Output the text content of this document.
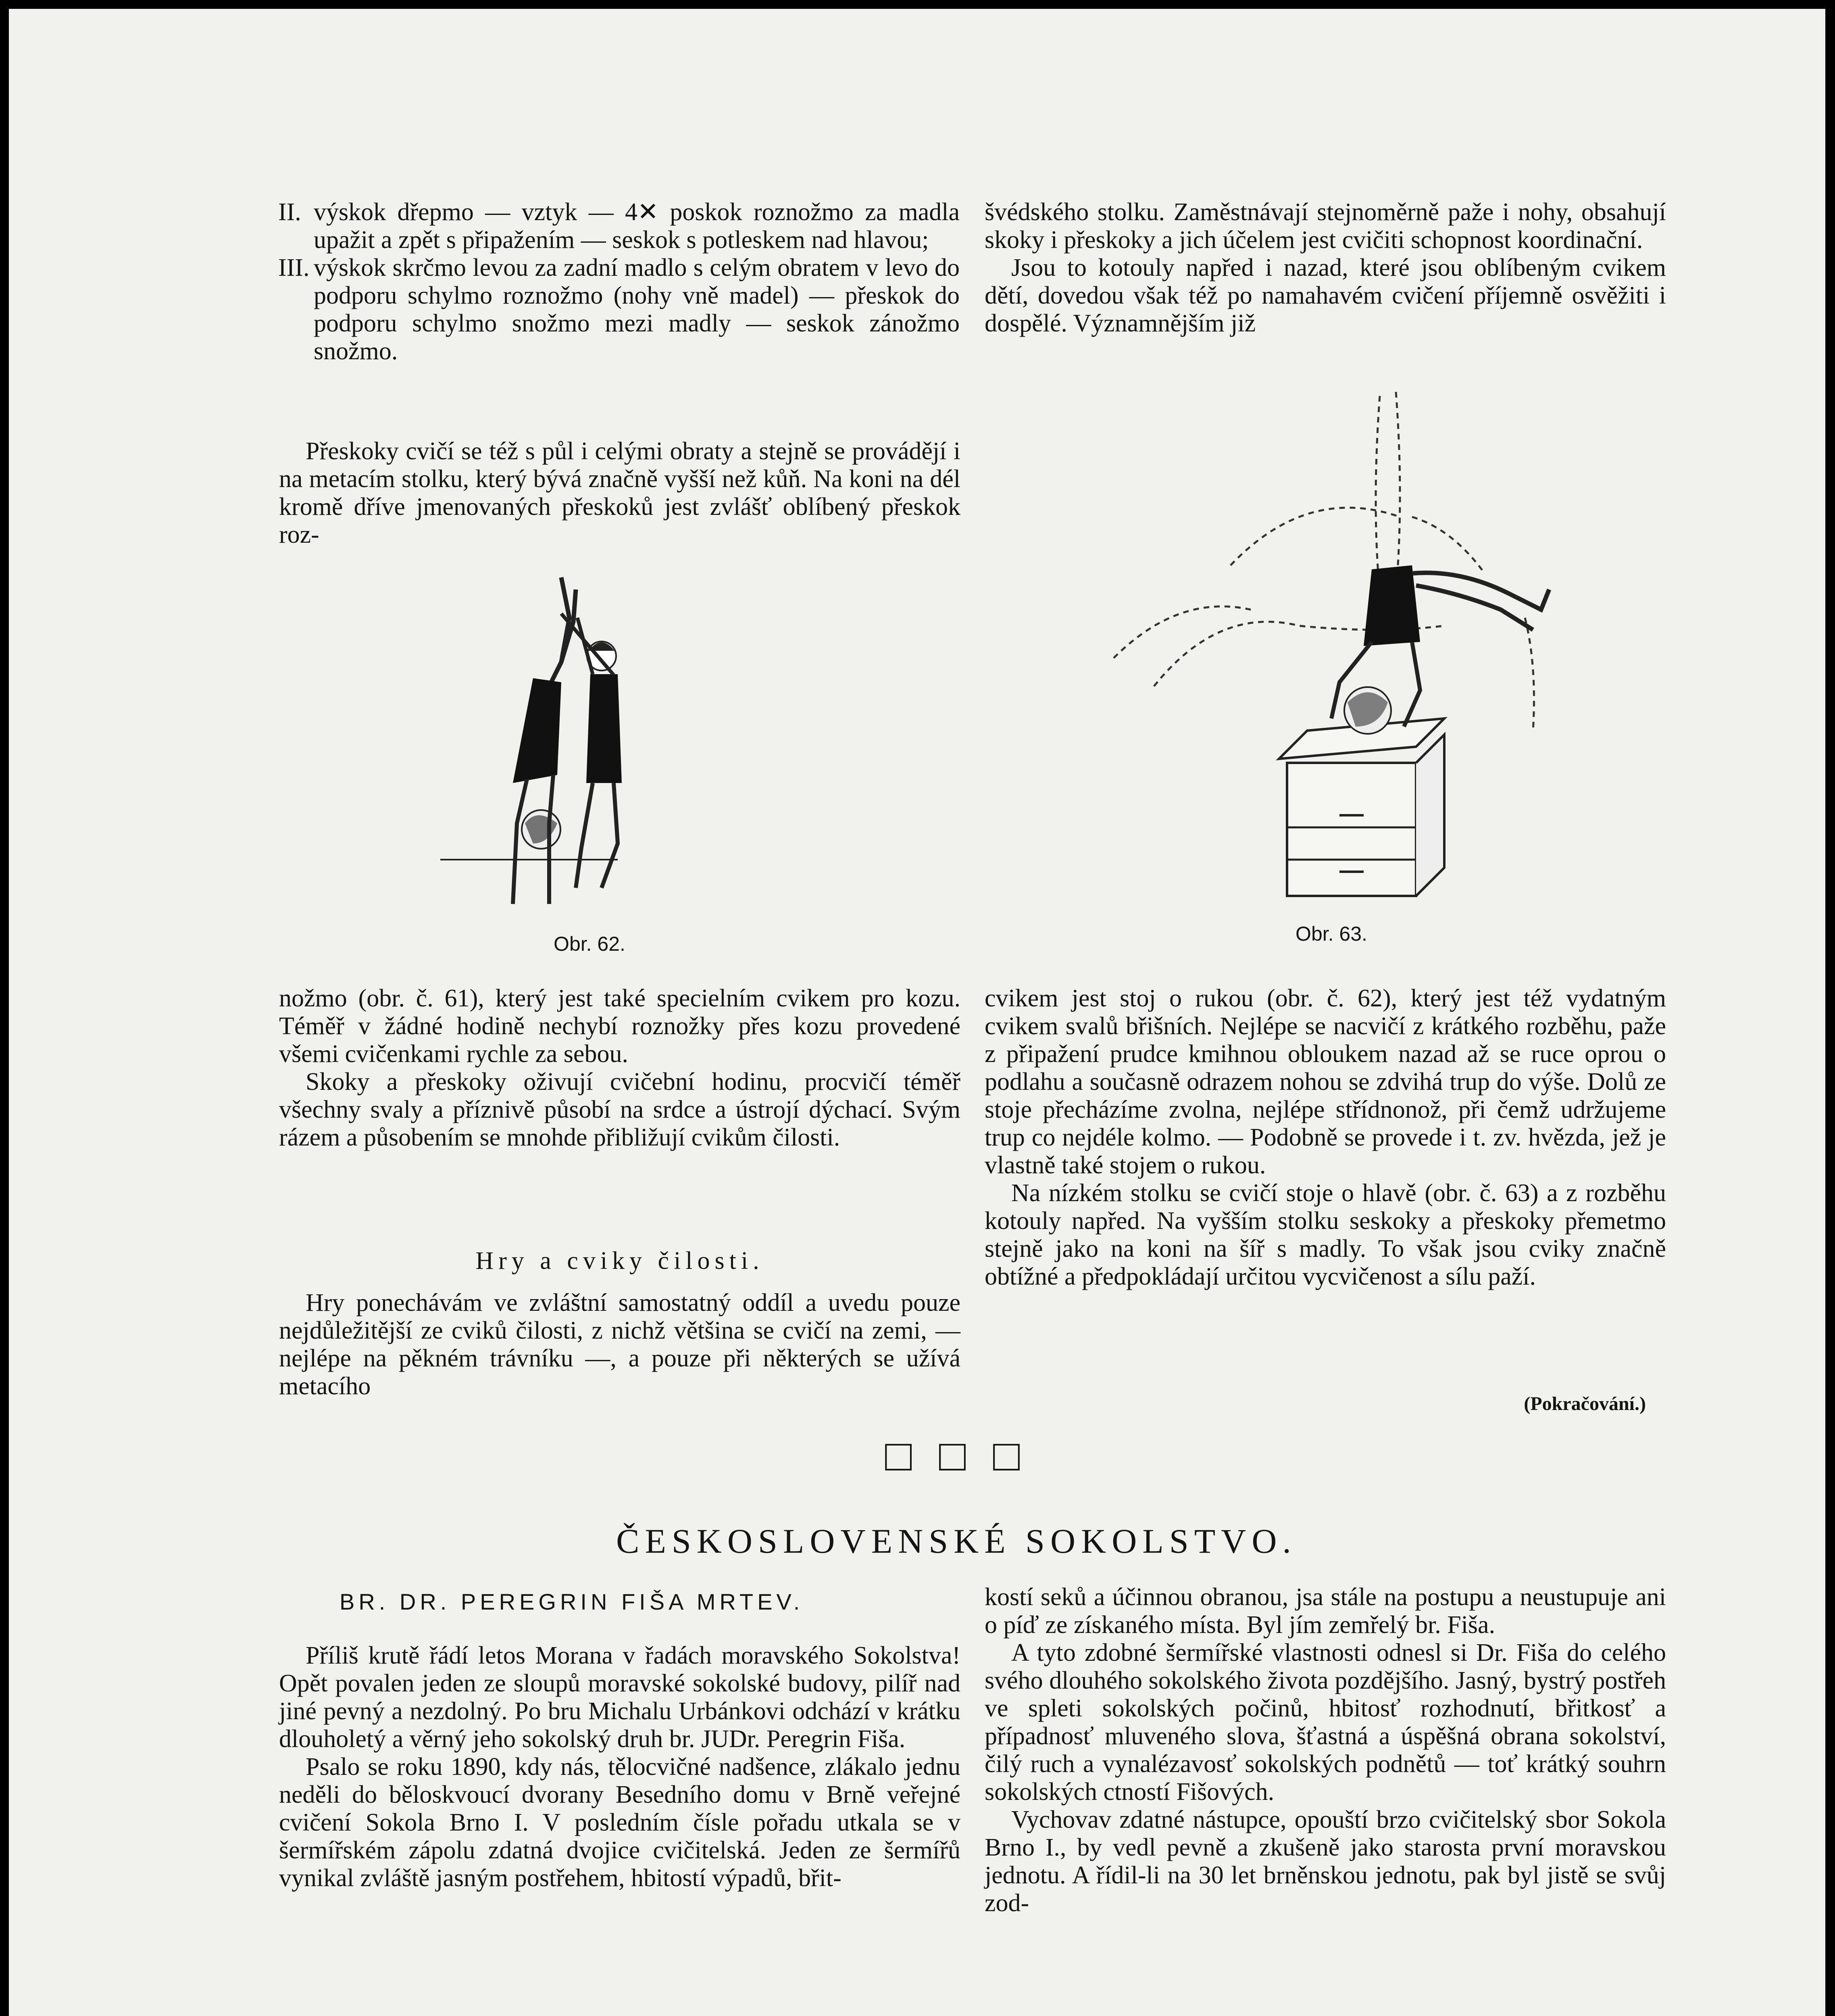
II. výskok dřepmo — vztyk — 4✕ poskok roznožmo za madla upažit a zpět s připažením — seskok s potleskem nad hlavou;
III. výskok skrčmo levou za zadní madlo s celým obratem v levo do podporu schylmo roznožmo (nohy vně madel) — přeskok do podporu schylmo snožmo mezi madly — seskok zánožmo snožmo.

Přeskoky cvičí se též s půl i celými obraty a stejně se provádějí i na metacím stolku, který bývá značně vyšší než kůň. Na koni na dél kromě dříve jmenovaných přeskoků jest zvlášť oblíbený přeskok roz-

švédského stolku. Zaměstnávají stejnoměrně paže i nohy, obsahují skoky i přeskoky a jich účelem jest cvičiti schopnost koordinační.

Jsou to kotouly napřed i nazad, které jsou oblíbeným cvikem dětí, dovedou však též po namahavém cvičení příjemně osvěžiti i dospělé. Významnějším již

Obr. 62.	Obr. 63.

nožmo (obr. č. 61), který jest také specielním cvikem pro kozu. Téměř v žádné hodině nechybí roznožky přes kozu provedené všemi cvičenkami rychle za sebou.

Skoky a přeskoky oživují cvičební hodinu, procvičí téměř všechny svaly a příznivě působí na srdce a ústrojí dýchací. Svým rázem a působením se mnohde přibližují cvikům čilosti.

Hry a cviky čilosti.

Hry ponechávám ve zvláštní samostatný oddíl a uvedu pouze nejdůležitější ze cviků čilosti, z nichž většina se cvičí na zemi, — nejlépe na pěkném trávníku —, a pouze při některých se užívá metacího

cvikem jest stoj o rukou (obr. č. 62), který jest též vydatným cvikem svalů břišních. Nejlépe se nacvičí z krátkého rozběhu, paže z připažení prudce kmihnou obloukem nazad až se ruce oprou o podlahu a současně odrazem nohou se zdvihá trup do výše. Dolů ze stoje přecházíme zvolna, nejlépe střídnonož, při čemž udržujeme trup co nejdéle kolmo. — Podobně se provede i t. zv. hvězda, jež je vlastně také stojem o rukou.

Na nízkém stolku se cvičí stoje o hlavě (obr. č. 63) a z rozběhu kotouly napřed. Na vyšším stolku seskoky a přeskoky přemetmo stejně jako na koni na šíř s madly. To však jsou cviky značně obtížné a předpokládají určitou vycvičenost a sílu paží.

(Pokračování.)
□ □ □
ČESKOSLOVENSKÉ SOKOLSTVO.
BR. DR. PEREGRIN FIŠA MRTEV.

Příliš krutě řádí letos Morana v řadách moravského Sokolstva! Opět povalen jeden ze sloupů moravské sokolské budovy, pilíř nad jiné pevný a nezdolný. Po bru Michalu Urbánkovi odchází v krátku dlouholetý a věrný jeho sokolský druh br. JUDr. Peregrin Fiša.

Psalo se roku 1890, kdy nás, tělocvičné nadšence, zlákalo jednu neděli do běloskvoucí dvorany Besedního domu v Brně veřejné cvičení Sokola Brno I. V posledním čísle pořadu utkala se v šermířském zápolu zdatná dvojice cvičitelská. Jeden ze šermířů vynikal zvláště jasným postřehem, hbitostí výpadů, břit-

kostí seků a účinnou obranou, jsa stále na postupu a neustupuje ani o píď ze získaného místa. Byl jím zemřelý br. Fiša.

A tyto zdobné šermířské vlastnosti odnesl si Dr. Fiša do celého svého dlouhého sokolského života pozdějšího. Jasný, bystrý postřeh ve spleti sokolských počinů, hbitosť rozhodnutí, břitkosť a případnosť mluveného slova, šťastná a úspěšná obrana sokolství, čilý ruch a vynalézavosť sokolských podnětů — toť krátký souhrn sokolských ctností Fišových.

Vychovav zdatné nástupce, opouští brzo cvičitelský sbor Sokola Brno I., by vedl pevně a zkušeně jako starosta první moravskou jednotu. A řídil-li na 30 let brněnskou jednotu, pak byl jistě se svůj zod-
